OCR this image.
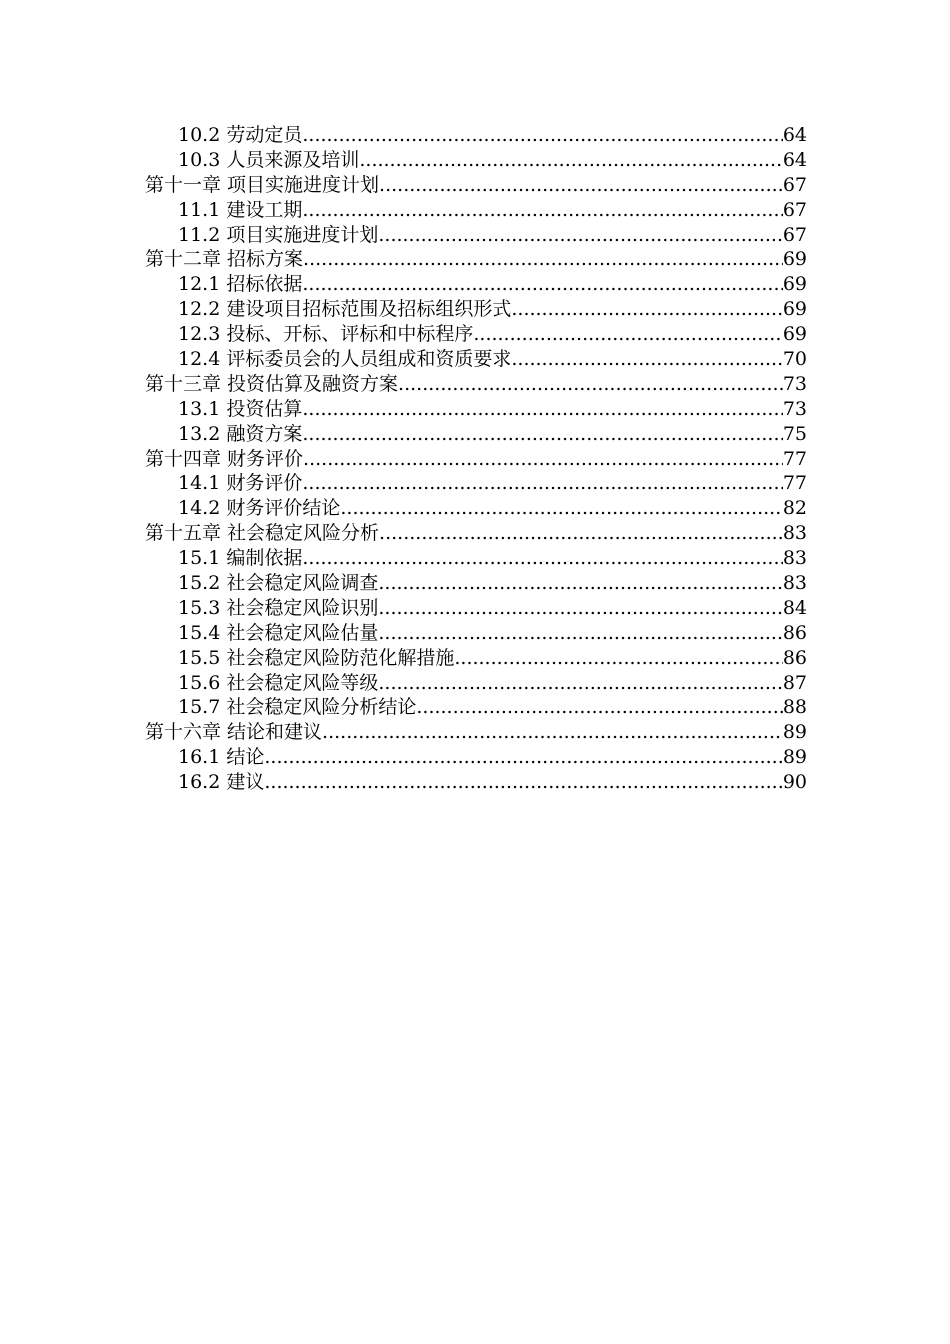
10.2 劳动定员 .....	64
10.3 人员来源及培训 .....	64
第十一章 项目实施进度计划 .....	67
11.1 建设工期 .....	67
11.2 项目实施进度计划 .....	67
第十二章 招标方案 .....	69
12.1 招标依据 .....	69
12.2 建设项目招标范围及招标组织形式 .....	69
12.3 投标、开标、评标和中标程序 .....	69
12.4 评标委员会的人员组成和资质要求 .....	70
第十三章 投资估算及融资方案 .....	73
13.1 投资估算 .....	73
13.2 融资方案 .....	75
第十四章 财务评价 .....	77
14.1 财务评价 .....	77
14.2 财务评价结论 .....	82
第十五章 社会稳定风险分析 .....	83
15.1 编制依据 .....	83
15.2 社会稳定风险调查 .....	83
15.3 社会稳定风险识别 .....	84
15.4 社会稳定风险估量 .....	86
15.5 社会稳定风险防范化解措施 .....	86
15.6 社会稳定风险等级 .....	87
15.7 社会稳定风险分析结论 .....	88
第十六章 结论和建议 .....	89
16.1 结论 .....	89
16.2 建议 .....	90
